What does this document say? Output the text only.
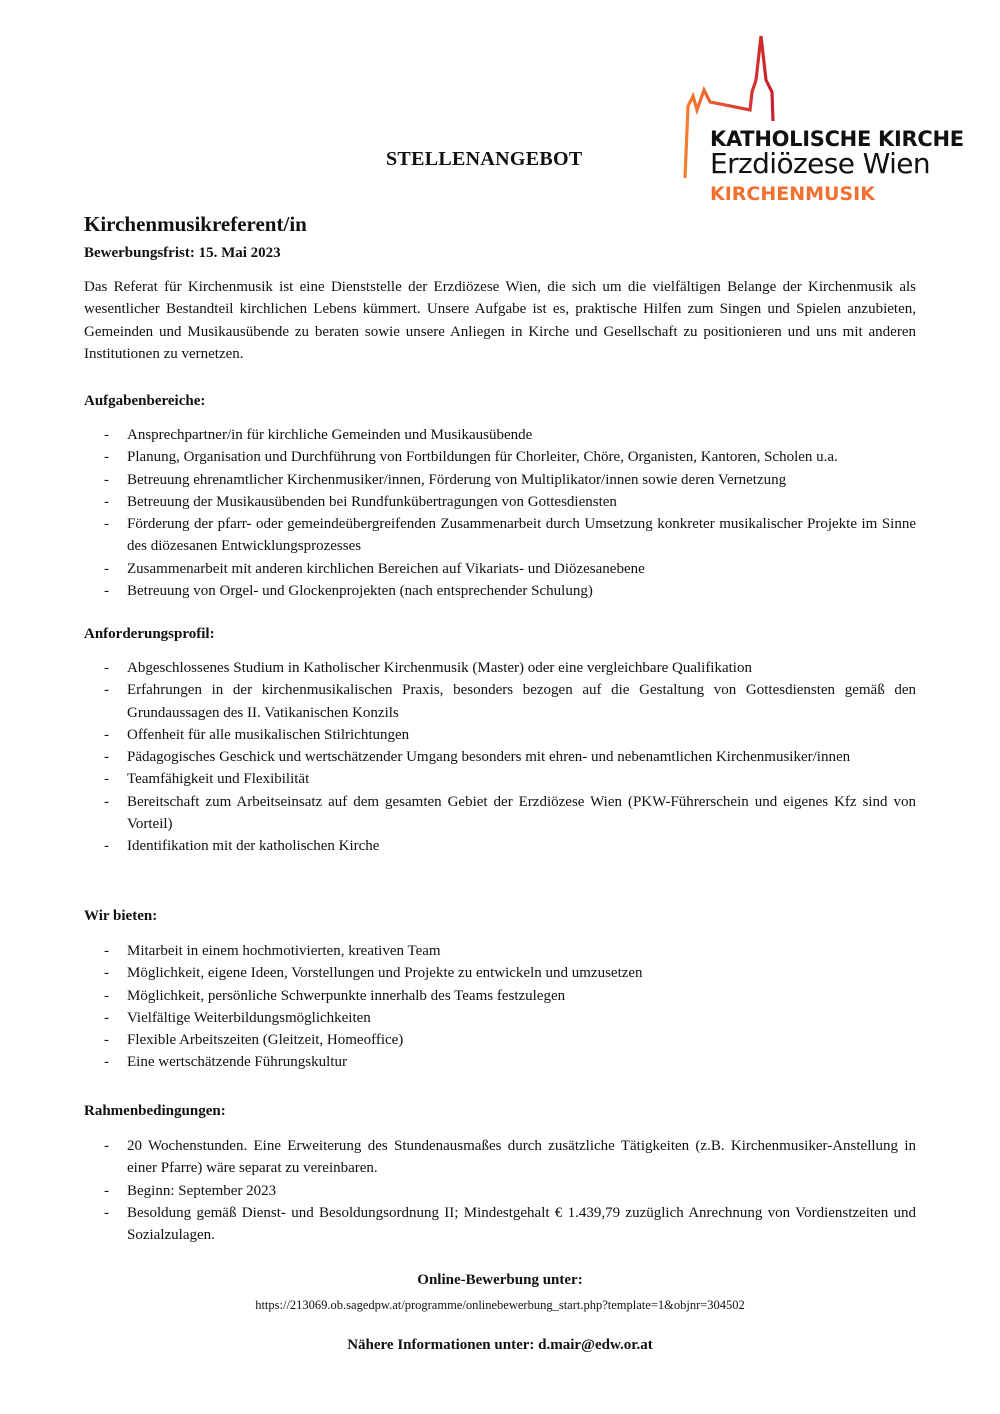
KATHOLISCHE KIRCHE
Erzdiözese Wien
KIRCHENMUSIK
STELLENANGEBOT
Kirchenmusikreferent/in
Bewerbungsfrist: 15. Mai 2023

Das Referat für Kirchenmusik ist eine Dienststelle der Erzdiözese Wien, die sich um die vielfältigen Belange der Kirchenmusik als wesentlicher Bestandteil kirchlichen Lebens kümmert. Unsere Aufgabe ist es, praktische Hilfen zum Singen und Spielen anzubieten, Gemeinden und Musikausübende zu beraten sowie unsere Anliegen in Kirche und Gesellschaft zu positionieren und uns mit anderen Institutionen zu vernetzen.

Aufgabenbereiche:
- Ansprechpartner/in für kirchliche Gemeinden und Musikausübende
- Planung, Organisation und Durchführung von Fortbildungen für Chorleiter, Chöre, Organisten, Kantoren, Scholen u.a.
- Betreuung ehrenamtlicher Kirchenmusiker/innen, Förderung von Multiplikator/innen sowie deren Vernetzung
- Betreuung der Musikausübenden bei Rundfunkübertragungen von Gottesdiensten
- Förderung der pfarr- oder gemeindeübergreifenden Zusammenarbeit durch Umsetzung konkreter musikalischer Projekte im Sinne des diözesanen Entwicklungsprozesses
- Zusammenarbeit mit anderen kirchlichen Bereichen auf Vikariats- und Diözesanebene
- Betreuung von Orgel- und Glockenprojekten (nach entsprechender Schulung)
Anforderungsprofil:
- Abgeschlossenes Studium in Katholischer Kirchenmusik (Master) oder eine vergleichbare Qualifikation
- Erfahrungen in der kirchenmusikalischen Praxis, besonders bezogen auf die Gestaltung von Gottesdiensten gemäß den Grundaussagen des II. Vatikanischen Konzils
- Offenheit für alle musikalischen Stilrichtungen
- Pädagogisches Geschick und wertschätzender Umgang besonders mit ehren- und nebenamtlichen Kirchenmusiker/innen
- Teamfähigkeit und Flexibilität
- Bereitschaft zum Arbeitseinsatz auf dem gesamten Gebiet der Erzdiözese Wien (PKW-Führerschein und eigenes Kfz sind von Vorteil)
- Identifikation mit der katholischen Kirche
Wir bieten:
- Mitarbeit in einem hochmotivierten, kreativen Team
- Möglichkeit, eigene Ideen, Vorstellungen und Projekte zu entwickeln und umzusetzen
- Möglichkeit, persönliche Schwerpunkte innerhalb des Teams festzulegen
- Vielfältige Weiterbildungsmöglichkeiten
- Flexible Arbeitszeiten (Gleitzeit, Homeoffice)
- Eine wertschätzende Führungskultur
Rahmenbedingungen:
- 20 Wochenstunden. Eine Erweiterung des Stundenausmaßes durch zusätzliche Tätigkeiten (z.B. Kirchenmusiker-Anstellung in einer Pfarre) wäre separat zu vereinbaren.
- Beginn: September 2023
- Besoldung gemäß Dienst- und Besoldungsordnung II; Mindestgehalt € 1.439,79 zuzüglich Anrechnung von Vordienstzeiten und Sozialzulagen.
Online-Bewerbung unter:
https://213069.ob.sagedpw.at/programme/onlinebewerbung_start.php?template=1&objnr=304502
Nähere Informationen unter: d.mair@edw.or.at
